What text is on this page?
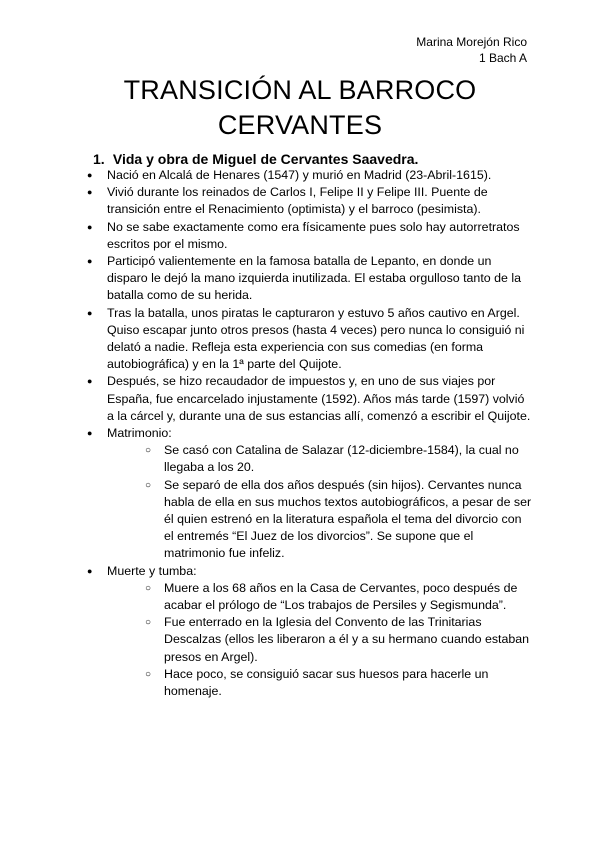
Marina Morejón Rico
1 Bach A
TRANSICIÓN AL BARROCO
CERVANTES
1. Vida y obra de Miguel de Cervantes Saavedra.
● Nació en Alcalá de Henares (1547) y murió en Madrid (23-Abril-1615).
● Vivió durante los reinados de Carlos I, Felipe II y Felipe III. Puente de transición entre el Renacimiento (optimista) y el barroco (pesimista).
● No se sabe exactamente como era físicamente pues solo hay autorretratos escritos por el mismo.
● Participó valientemente en la famosa batalla de Lepanto, en donde un disparo le dejó la mano izquierda inutilizada. El estaba orgulloso tanto de la batalla como de su herida.
● Tras la batalla, unos piratas le capturaron y estuvo 5 años cautivo en Argel. Quiso escapar junto otros presos (hasta 4 veces) pero nunca lo consiguió ni delató a nadie. Refleja esta experiencia con sus comedias (en forma autobiográfica) y en la 1ª parte del Quijote.
● Después, se hizo recaudador de impuestos y, en uno de sus viajes por España, fue encarcelado injustamente (1592). Años más tarde (1597) volvió a la cárcel y, durante una de sus estancias allí, comenzó a escribir el Quijote.
● Matrimonio:
○ Se casó con Catalina de Salazar (12-diciembre-1584), la cual no llegaba a los 20.
○ Se separó de ella dos años después (sin hijos). Cervantes nunca habla de ella en sus muchos textos autobiográficos, a pesar de ser él quien estrenó en la literatura española el tema del divorcio con el entremés “El Juez de los divorcios”. Se supone que el matrimonio fue infeliz.
● Muerte y tumba:
○ Muere a los 68 años en la Casa de Cervantes, poco después de acabar el prólogo de “Los trabajos de Persiles y Segismunda”.
○ Fue enterrado en la Iglesia del Convento de las Trinitarias Descalzas (ellos les liberaron a él y a su hermano cuando estaban presos en Argel).
○ Hace poco, se consiguió sacar sus huesos para hacerle un homenaje.
